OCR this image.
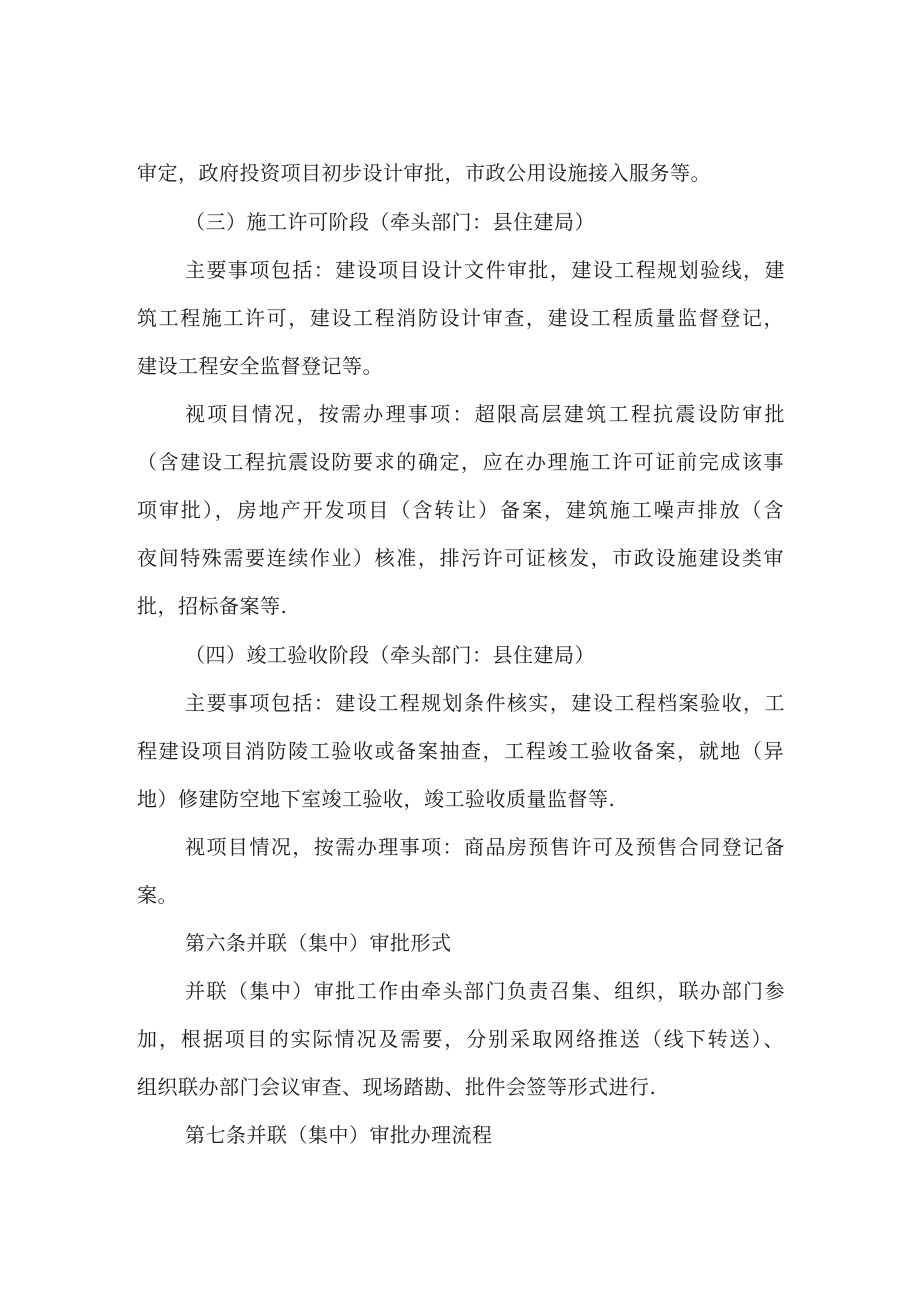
审定，政府投资项目初步设计审批，市政公用设施接入服务等。
（三）施工许可阶段（牵头部门：县住建局）
主要事项包括：建设项目设计文件审批，建设工程规划验线，建
筑工程施工许可，建设工程消防设计审查，建设工程质量监督登记，
建设工程安全监督登记等。
视项目情况，按需办理事项：超限高层建筑工程抗震设防审批
（含建设工程抗震设防要求的确定，应在办理施工许可证前完成该事
项审批），房地产开发项目（含转让）备案，建筑施工噪声排放（含
夜间特殊需要连续作业）核准，排污许可证核发，市政设施建设类审
批，招标备案等.
（四）竣工验收阶段（牵头部门：县住建局）
主要事项包括：建设工程规划条件核实，建设工程档案验收，工
程建设项目消防陵工验收或备案抽查，工程竣工验收备案，就地（异
地）修建防空地下室竣工验收，竣工验收质量监督等.
视项目情况，按需办理事项：商品房预售许可及预售合同登记备
案。
第六条并联（集中）审批形式
并联（集中）审批工作由牵头部门负责召集、组织，联办部门参
加，根据项目的实际情况及需要，分别采取网络推送（线下转送）、
组织联办部门会议审查、现场踏勘、批件会签等形式进行.
第七条并联（集中）审批办理流程
